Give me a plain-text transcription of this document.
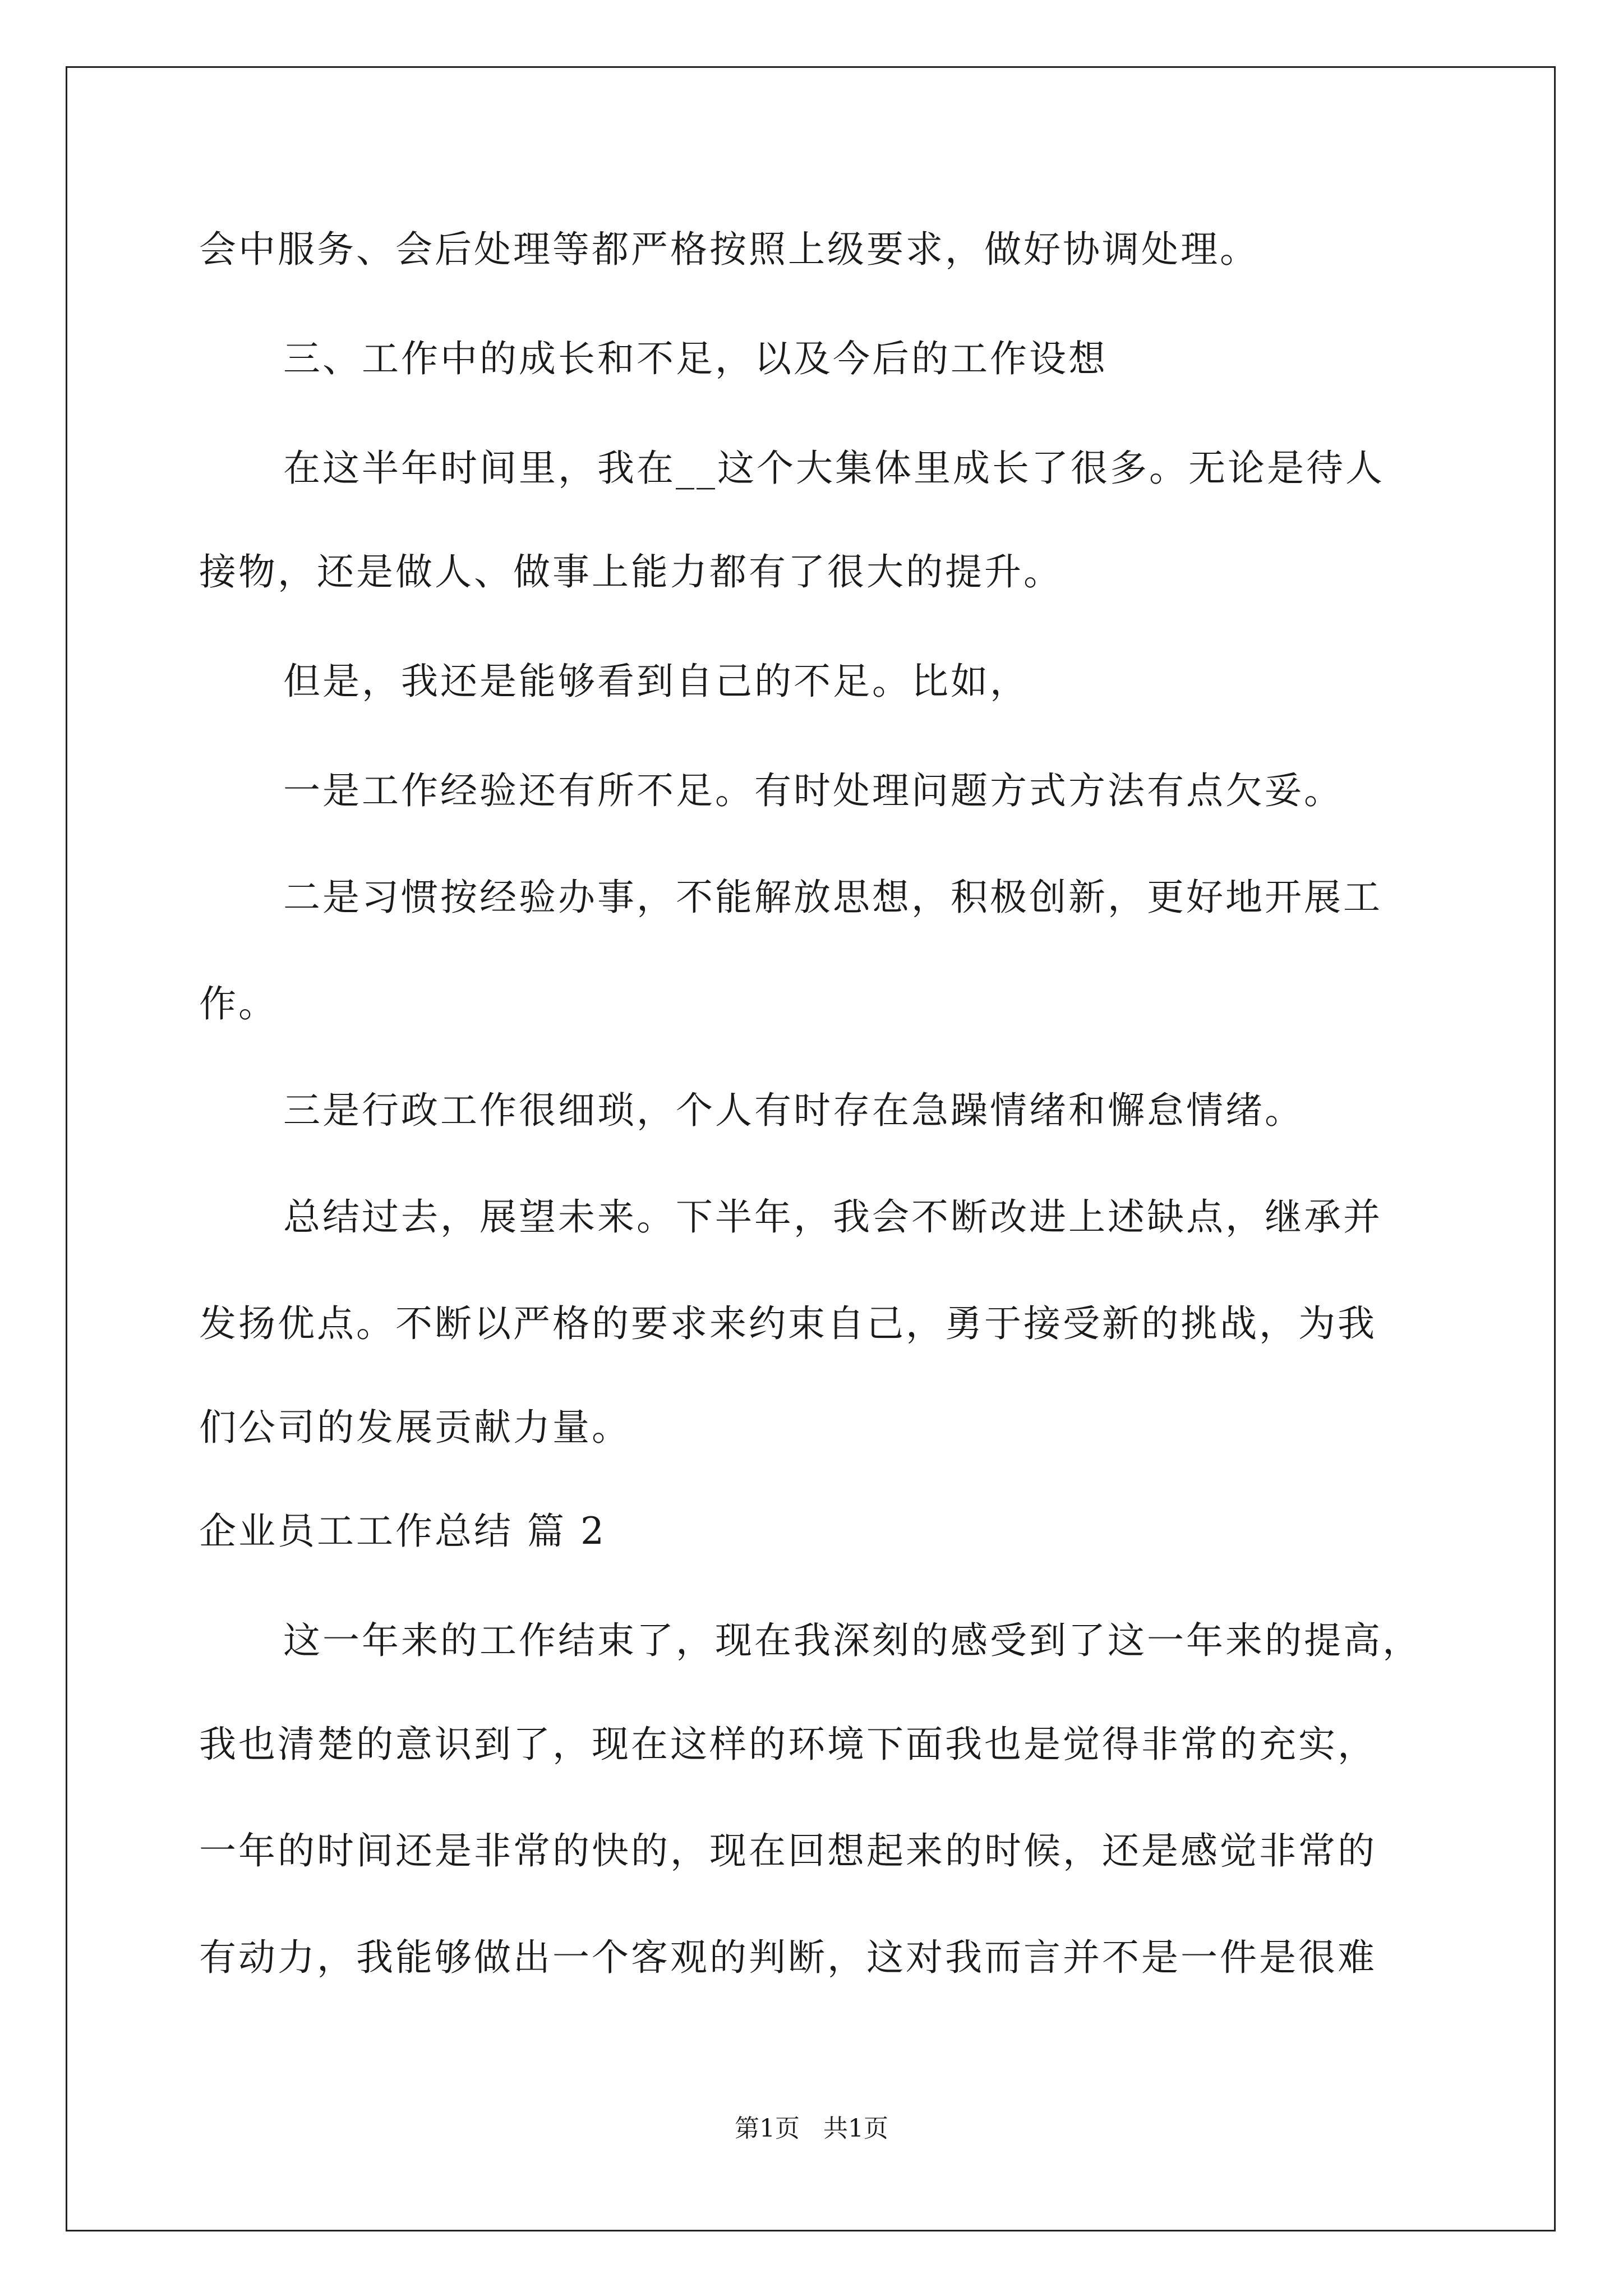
会中服务、会后处理等都严格按照上级要求，做好协调处理。
三、工作中的成长和不足，以及今后的工作设想
在这半年时间里，我在__这个大集体里成长了很多。无论是待人
接物，还是做人、做事上能力都有了很大的提升。
但是，我还是能够看到自己的不足。比如，
一是工作经验还有所不足。有时处理问题方式方法有点欠妥。
二是习惯按经验办事，不能解放思想，积极创新，更好地开展工
作。
三是行政工作很细琐，个人有时存在急躁情绪和懈怠情绪。
总结过去，展望未来。下半年，我会不断改进上述缺点，继承并
发扬优点。不断以严格的要求来约束自己，勇于接受新的挑战，为我
们公司的发展贡献力量。
企业员工工作总结 篇 2
这一年来的工作结束了，现在我深刻的感受到了这一年来的提高，
我也清楚的意识到了，现在这样的环境下面我也是觉得非常的充实，
一年的时间还是非常的快的，现在回想起来的时候，还是感觉非常的
有动力，我能够做出一个客观的判断，这对我而言并不是一件是很难
第1页   共1页
